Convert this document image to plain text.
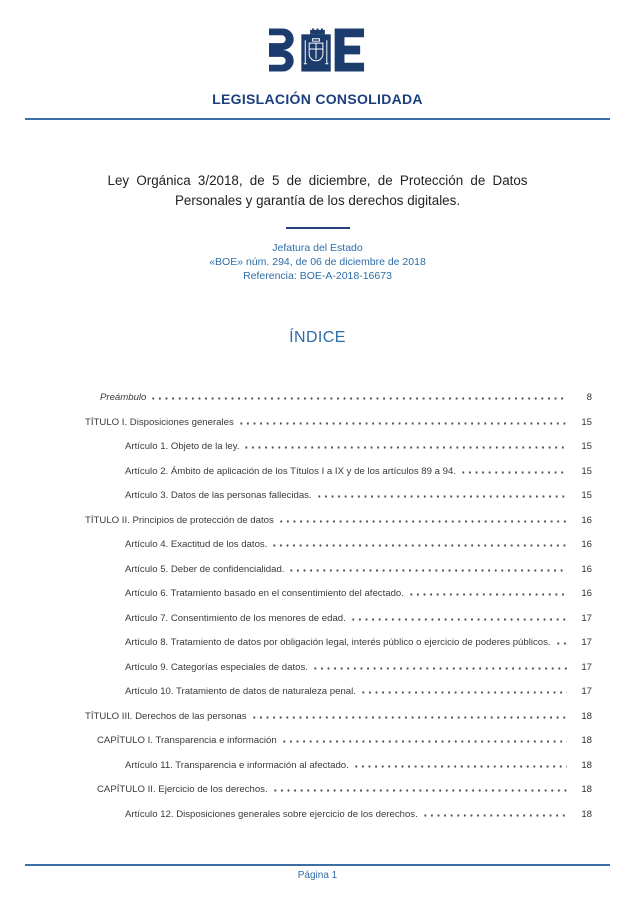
LEGISLACIÓN CONSOLIDADA
Ley Orgánica 3/2018, de 5 de diciembre, de Protección de Datos
Personales y garantía de los derechos digitales.
Jefatura del Estado
«BOE» núm. 294, de 06 de diciembre de 2018
Referencia: BOE-A-2018-16673
ÍNDICE
Preámbulo	8
TÍTULO I. Disposiciones generales	15
Artículo 1. Objeto de la ley.	15
Artículo 2. Ámbito de aplicación de los Títulos I a IX y de los artículos 89 a 94.	15
Artículo 3. Datos de las personas fallecidas.	15
TÍTULO II. Principios de protección de datos	16
Artículo 4. Exactitud de los datos.	16
Artículo 5. Deber de confidencialidad.	16
Artículo 6. Tratamiento basado en el consentimiento del afectado.	16
Artículo 7. Consentimiento de los menores de edad.	17
Artículo 8. Tratamiento de datos por obligación legal, interés público o ejercicio de poderes públicos.	17
Artículo 9. Categorías especiales de datos.	17
Artículo 10. Tratamiento de datos de naturaleza penal.	17
TÍTULO III. Derechos de las personas	18
CAPÍTULO I. Transparencia e información	18
Artículo 11. Transparencia e información al afectado.	18
CAPÍTULO II. Ejercicio de los derechos.	18
Artículo 12. Disposiciones generales sobre ejercicio de los derechos.	18
Página 1
